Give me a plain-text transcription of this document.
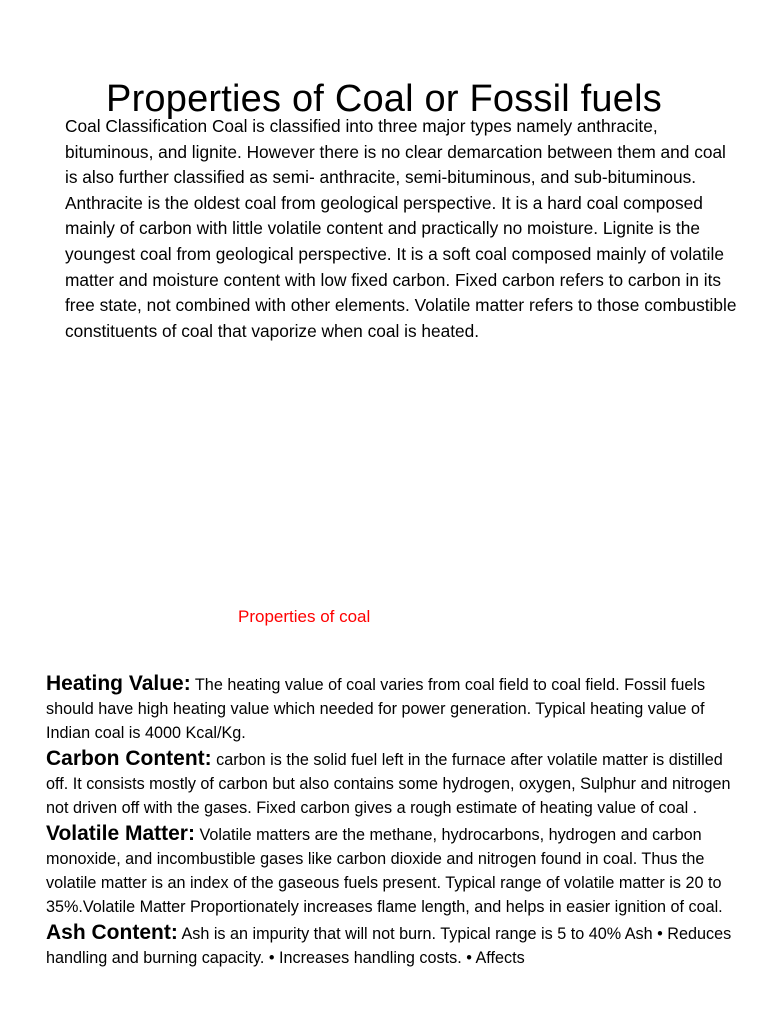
Properties of Coal or Fossil fuels

Coal Classification Coal is classified into three major types namely anthracite, bituminous, and lignite. However there is no clear demarcation between them and coal is also further classified as semi- anthracite, semi-bituminous, and sub-bituminous. Anthracite is the oldest coal from geological perspective. It is a hard coal composed mainly of carbon with little volatile content and practically no moisture. Lignite is the youngest coal from geological perspective. It is a soft coal composed mainly of volatile matter and moisture content with low fixed carbon. Fixed carbon refers to carbon in its free state, not combined with other elements. Volatile matter refers to those combustible constituents of coal that vaporize when coal is heated.

Properties of coal
Heating Value: The heating value of coal varies from coal field to coal field. Fossil fuels should have high heating value which needed for power generation. Typical heating value of Indian coal is 4000 Kcal/Kg.
Carbon Content: carbon is the solid fuel left in the furnace after volatile matter is distilled off. It consists mostly of carbon but also contains some hydrogen, oxygen, Sulphur and nitrogen not driven off with the gases. Fixed carbon gives a rough estimate of heating value of coal .
Volatile Matter: Volatile matters are the methane, hydrocarbons, hydrogen and carbon monoxide, and incombustible gases like carbon dioxide and nitrogen found in coal. Thus the volatile matter is an index of the gaseous fuels present. Typical range of volatile matter is 20 to 35%.Volatile Matter Proportionately increases flame length, and helps in easier ignition of coal.
Ash Content: Ash is an impurity that will not burn. Typical range is 5 to 40% Ash • Reduces handling and burning capacity. • Increases handling costs. • Affects
